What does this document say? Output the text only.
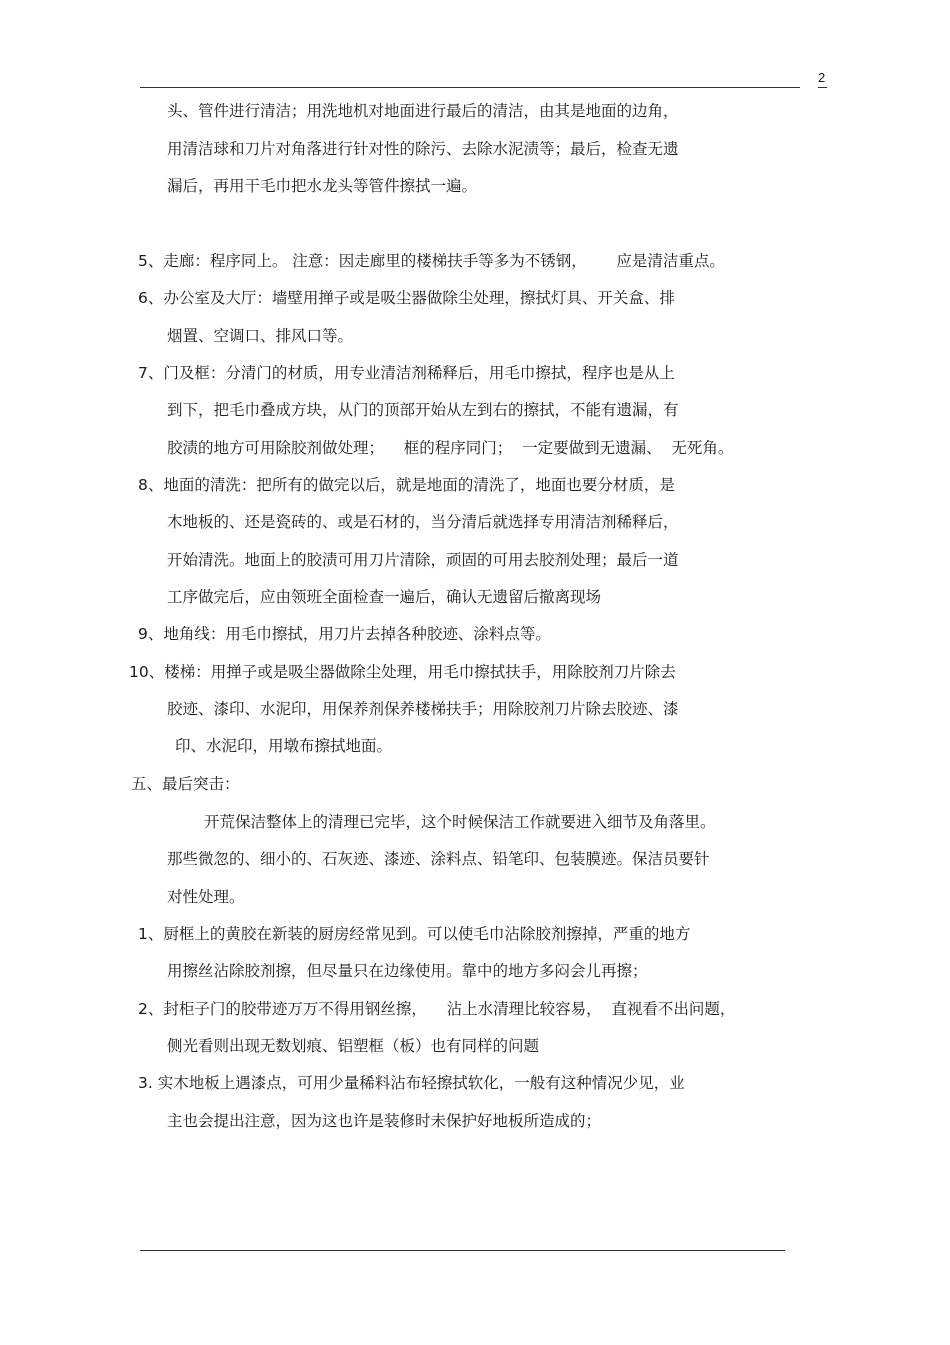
2
头、管件进行清洁；用洗地机对地面进行最后的清洁，由其是地面的边角，
用清洁球和刀片对角落进行针对性的除污、去除水泥渍等；最后，检查无遗
漏后，再用干毛巾把水龙头等管件擦拭一遍。
5、走廊：程序同上。 注意：因走廊里的楼梯扶手等多为不锈钢，      应是清洁重点。
6、办公室及大厅：墙壁用掸子或是吸尘器做除尘处理，擦拭灯具、开关盒、排
烟置、空调口、排风口等。
7、门及框：分清门的材质，用专业清洁剂稀释后，用毛巾擦拭，程序也是从上
到下，把毛巾叠成方块，从门的顶部开始从左到右的擦拭，不能有遗漏，有
胶渍的地方可用除胶剂做处理；    框的程序同门；  一定要做到无遗漏、  无死角。
8、地面的清洗：把所有的做完以后，就是地面的清洗了，地面也要分材质，是
木地板的、还是瓷砖的、或是石材的，当分清后就选择专用清洁剂稀释后，
开始清洗。地面上的胶渍可用刀片清除，顽固的可用去胶剂处理；最后一道
工序做完后，应由领班全面检查一遍后，确认无遗留后撤离现场
9、地角线：用毛巾擦拭，用刀片去掉各种胶迹、涂料点等。
10、楼梯：用掸子或是吸尘器做除尘处理，用毛巾擦拭扶手，用除胶剂刀片除去
胶迹、漆印、水泥印，用保养剂保养楼梯扶手；用除胶剂刀片除去胶迹、漆
印、水泥印，用墩布擦拭地面。
五、最后突击：
开荒保洁整体上的清理已完毕，这个时候保洁工作就要进入细节及角落里。
那些微忽的、细小的、石灰迹、漆迹、涂料点、铅笔印、包装膜迹。保洁员要针
对性处理。
1、厨框上的黄胶在新装的厨房经常见到。可以使毛巾沾除胶剂擦掉，严重的地方
用擦丝沾除胶剂擦，但尽量只在边缘使用。靠中的地方多闷会儿再擦；
2、封柜子门的胶带迹万万不得用钢丝擦，    沾上水清理比较容易，  直视看不出问题，
侧光看则出现无数划痕、铝塑框（板）也有同样的问题
3. 实木地板上遇漆点，可用少量稀料沾布轻擦拭软化，一般有这种情况少见，业
主也会提出注意，因为这也许是装修时未保护好地板所造成的；
